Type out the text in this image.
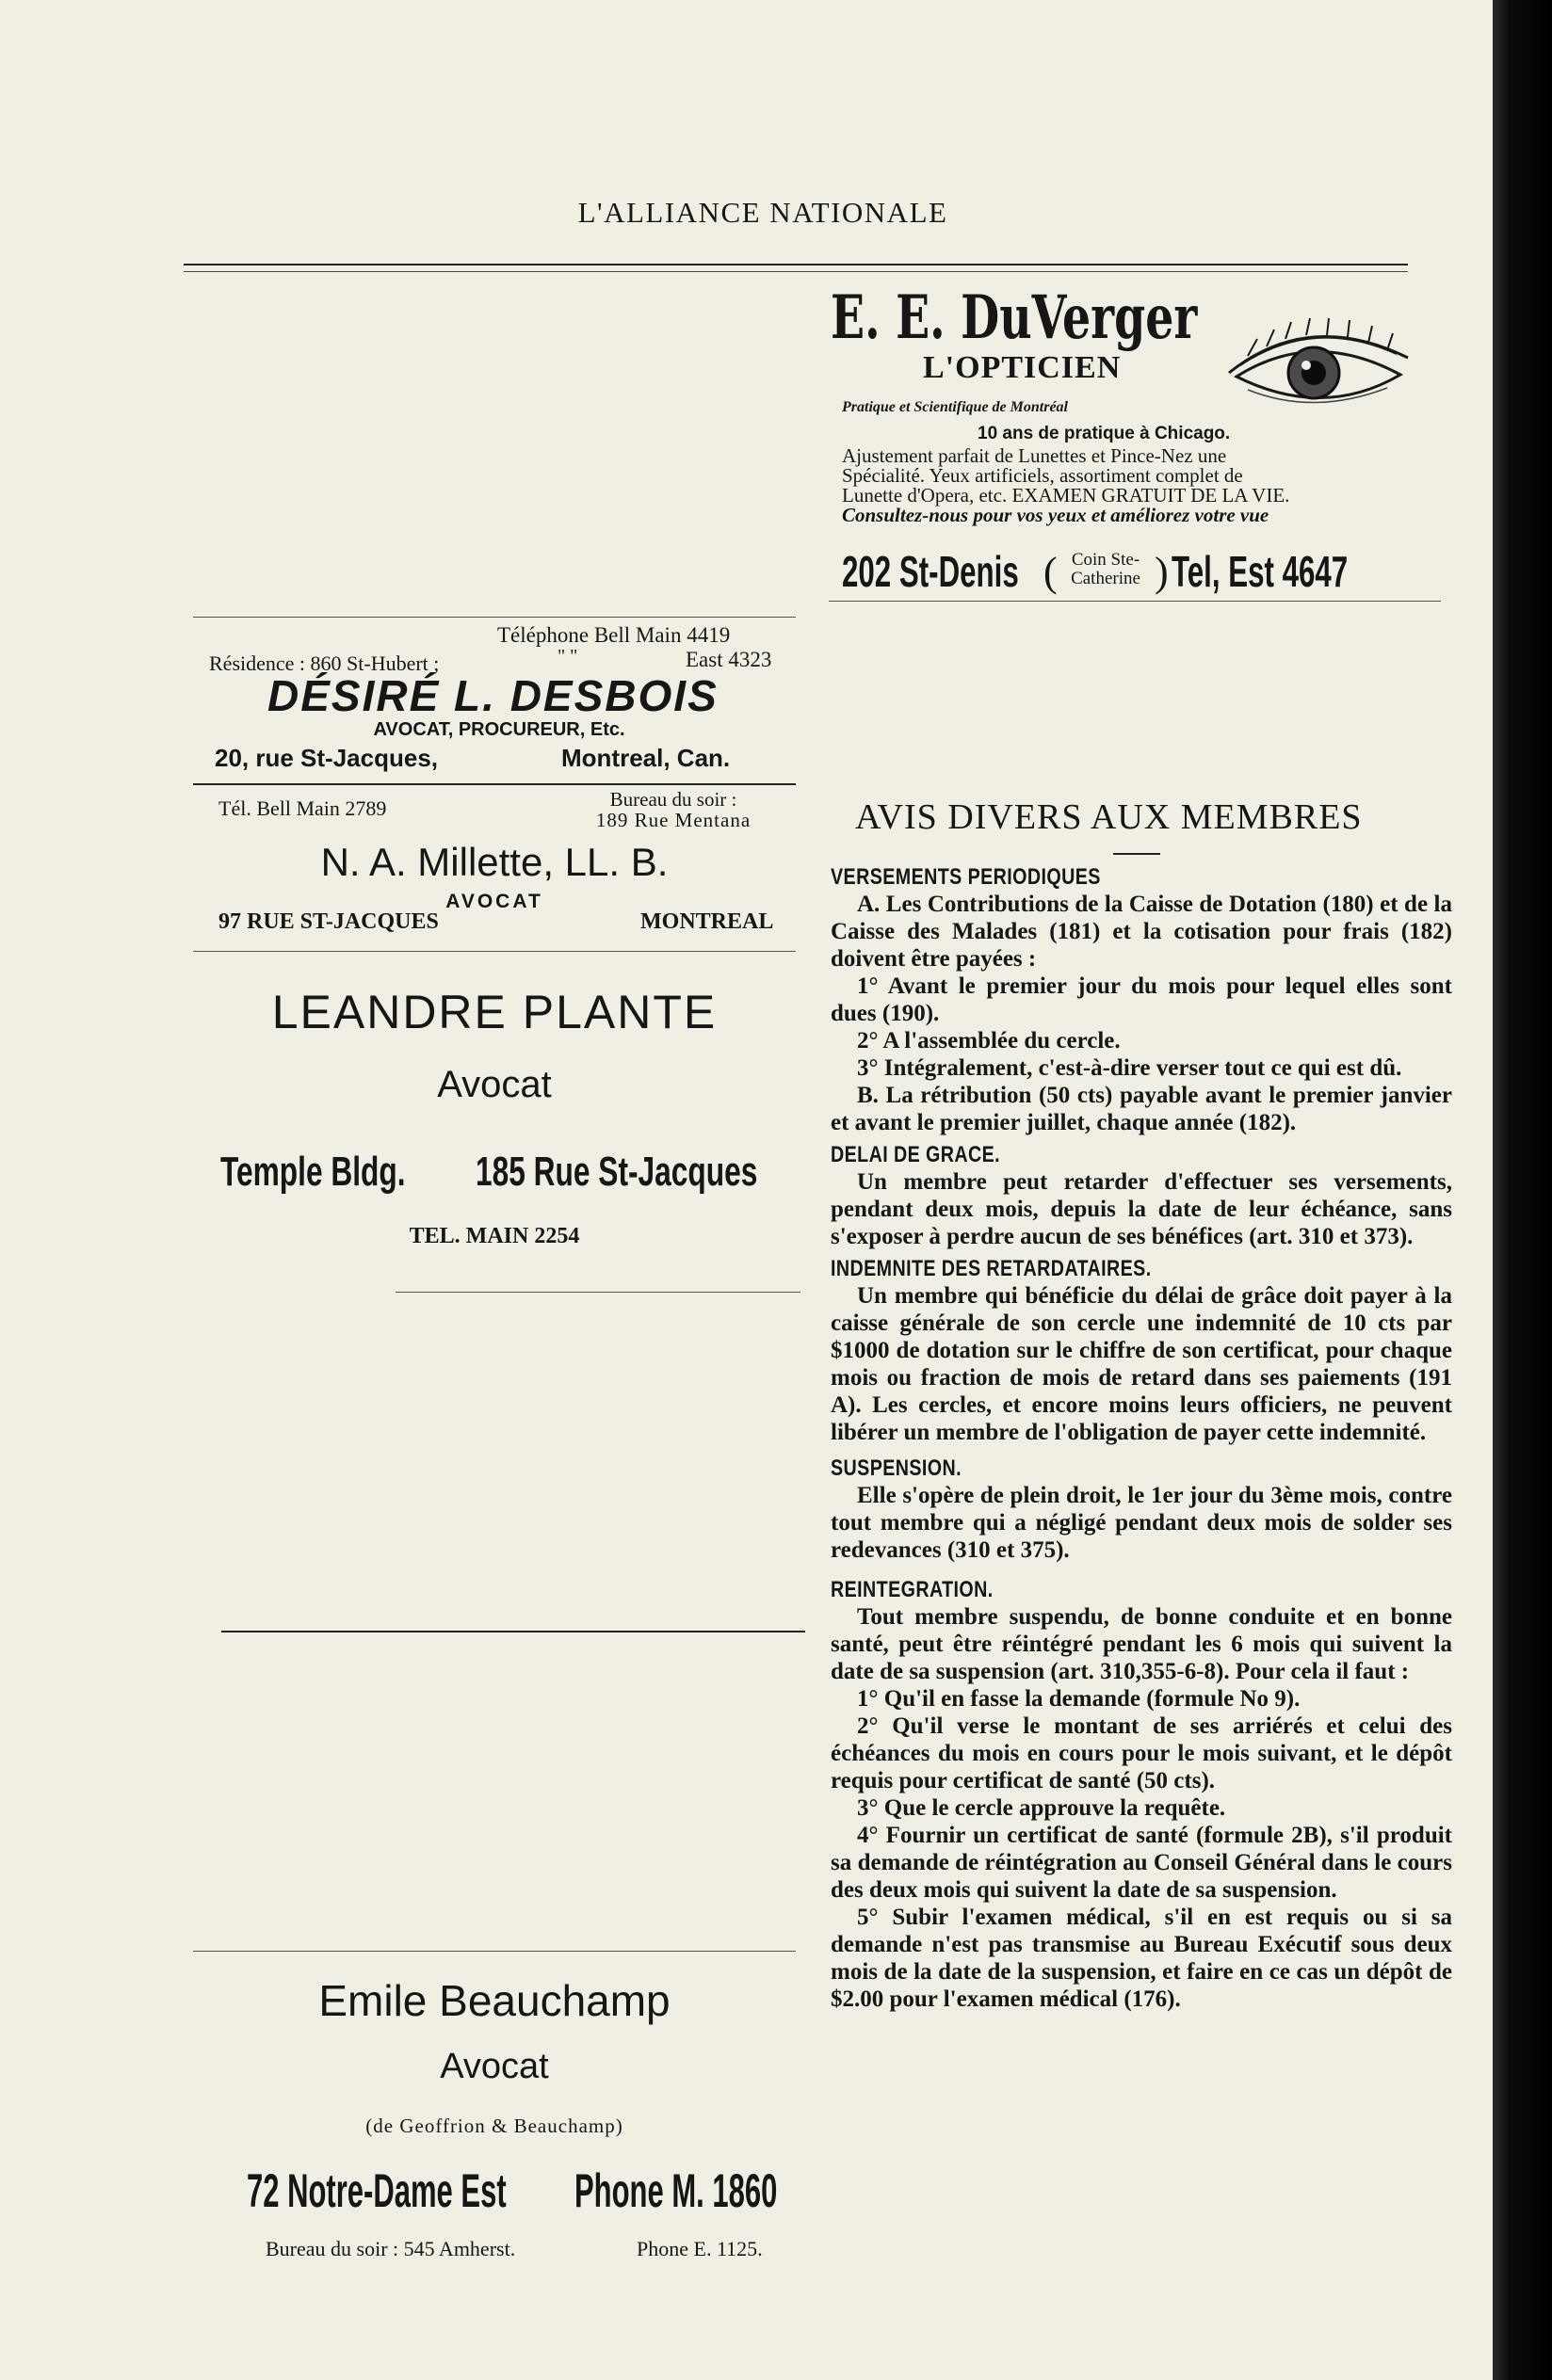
L'ALLIANCE NATIONALE
E. E. DuVerger
L'OPTICIEN
Pratique et Scientifique de Montréal
10 ans de pratique à Chicago.
Ajustement parfait de Lunettes et Pince-Nez une
Spécialité. Yeux artificiels, assortiment complet de
Lunette d'Opera, etc. EXAMEN GRATUIT DE LA VIE.
Consultez-nous pour vos yeux et améliorez votre vue
202 St-Denis ( Coin Ste-
Catherine ) Tel, Est 4647
Téléphone Bell Main 4419
Résidence : 860 St-Hubert ;	" "	East 4323
DÉSIRÉ L. DESBOIS
AVOCAT, PROCUREUR, Etc.
20, rue St-Jacques,	Montreal, Can.
Tél. Bell Main 2789	Bureau du soir :
189 Rue Mentana
N. A. Millette, LL. B.
AVOCAT
97 RUE ST-JACQUES	MONTREAL
LEANDRE PLANTE
Avocat
Temple Bldg. 185 Rue St-Jacques
TEL. MAIN 2254
Emile Beauchamp
Avocat
(de Geoffrion & Beauchamp)
72 Notre-Dame Est Phone M. 1860
Bureau du soir : 545 Amherst.	Phone E. 1125.
AVIS DIVERS AUX MEMBRES
VERSEMENTS PERIODIQUES

A. Les Contributions de la Caisse de Dotation (180) et de la Caisse des Malades (181) et la cotisation pour frais (182) doivent être payées :

1° Avant le premier jour du mois pour lequel elles sont dues (190).

2° A l'assemblée du cercle.

3° Intégralement, c'est-à-dire verser tout ce qui est dû.

B. La rétribution (50 cts) payable avant le premier janvier et avant le premier juillet, chaque année (182).

DELAI DE GRACE.

Un membre peut retarder d'effectuer ses versements, pendant deux mois, depuis la date de leur échéance, sans s'exposer à perdre aucun de ses bénéfices (art. 310 et 373).

INDEMNITE DES RETARDATAIRES.

Un membre qui bénéficie du délai de grâce doit payer à la caisse générale de son cercle une indemnité de 10 cts par $1000 de dotation sur le chiffre de son certificat, pour chaque mois ou fraction de mois de retard dans ses paiements (191 A). Les cercles, et encore moins leurs officiers, ne peuvent libérer un membre de l'obligation de payer cette indemnité.

SUSPENSION.

Elle s'opère de plein droit, le 1er jour du 3ème mois, contre tout membre qui a négligé pendant deux mois de solder ses redevances (310 et 375).

REINTEGRATION.

Tout membre suspendu, de bonne conduite et en bonne santé, peut être réintégré pendant les 6 mois qui suivent la date de sa suspension (art. 310,355-6-8). Pour cela il faut :

1° Qu'il en fasse la demande (formule No 9).

2° Qu'il verse le montant de ses arriérés et celui des échéances du mois en cours pour le mois suivant, et le dépôt requis pour certificat de santé (50 cts).

3° Que le cercle approuve la requête.

4° Fournir un certificat de santé (formule 2B), s'il produit sa demande de réintégration au Conseil Général dans le cours des deux mois qui suivent la date de sa suspension.

5° Subir l'examen médical, s'il en est requis ou si sa demande n'est pas transmise au Bureau Exécutif sous deux mois de la date de la suspension, et faire en ce cas un dépôt de $2.00 pour l'examen médical (176).
